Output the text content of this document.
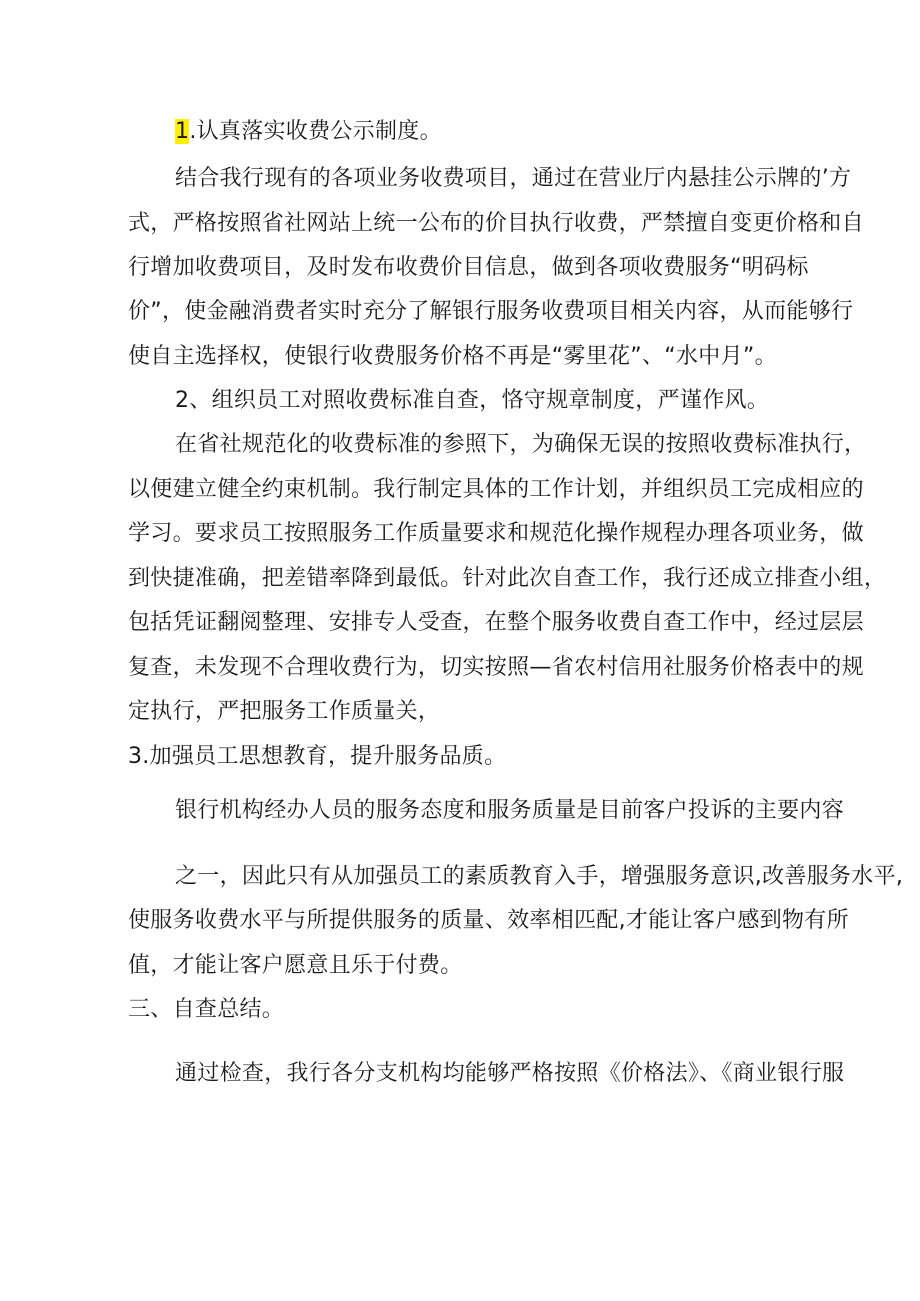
1.认真落实收费公示制度。
结合我行现有的各项业务收费项目，通过在营业厅内悬挂公示牌的’方
式，严格按照省社网站上统一公布的价目执行收费，严禁擅自变更价格和自
行增加收费项目，及时发布收费价目信息，做到各项收费服务“明码标
价”，使金融消费者实时充分了解银行服务收费项目相关内容，从而能够行
使自主选择权，使银行收费服务价格不再是“雾里花”、“水中月”。
2、组织员工对照收费标准自查，恪守规章制度，严谨作风。
在省社规范化的收费标准的参照下，为确保无误的按照收费标准执行，
以便建立健全约束机制。我行制定具体的工作计划，并组织员工完成相应的
学习。要求员工按照服务工作质量要求和规范化操作规程办理各项业务，做
到快捷准确，把差错率降到最低。针对此次自查工作，我行还成立排查小组，
包括凭证翻阅整理、安排专人受查，在整个服务收费自查工作中，经过层层
复查，未发现不合理收费行为，切实按照—省农村信用社服务价格表中的规
定执行，严把服务工作质量关，
3.加强员工思想教育，提升服务品质。
银行机构经办人员的服务态度和服务质量是目前客户投诉的主要内容
之一，因此只有从加强员工的素质教育入手，增强服务意识,改善服务水平,
使服务收费水平与所提供服务的质量、效率相匹配,才能让客户感到物有所
值，才能让客户愿意且乐于付费。
三、自查总结。
通过检查，我行各分支机构均能够严格按照《价格法》、《商业银行服
